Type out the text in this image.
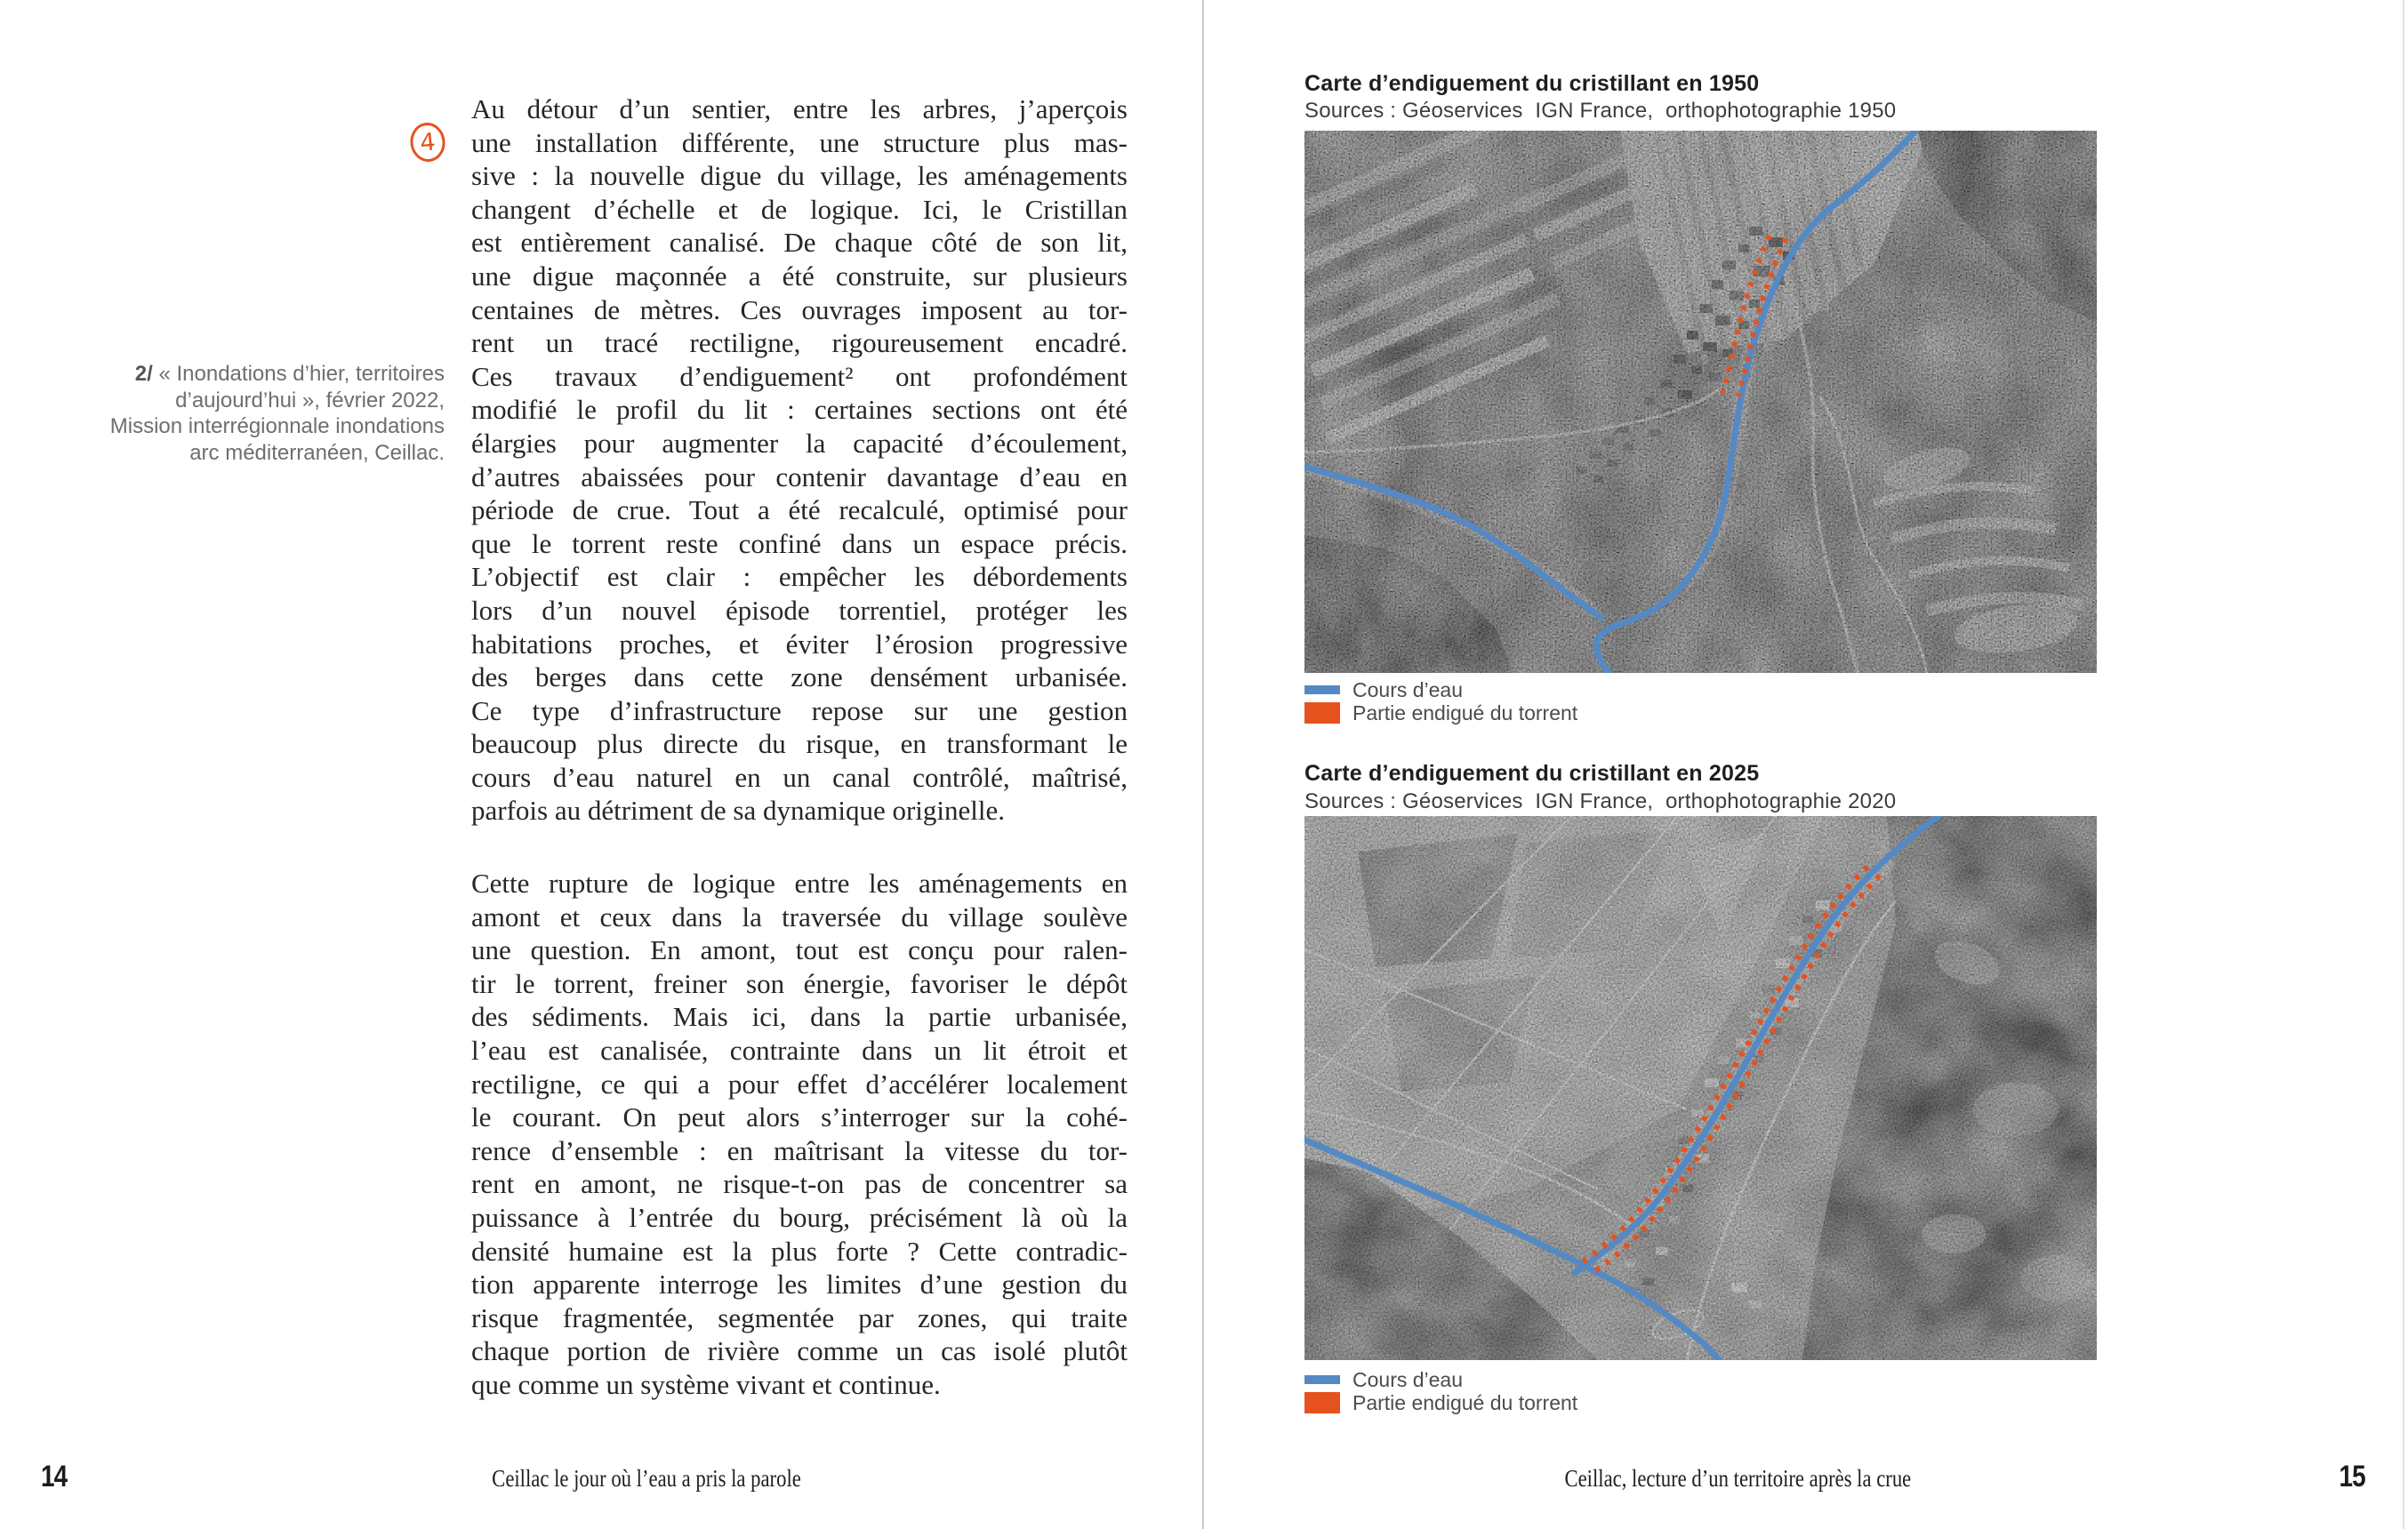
4
2/ « Inondations d’hier, territoires
d’aujourd’hui », février 2022,
Mission interrégionnale inondations
arc méditerranéen, Ceillac.
Au détour d’un sentier, entre les arbres, j’aperçois
une installation différente, une structure plus mas-
sive : la nouvelle digue du village, les aménagements
changent d’échelle et de logique. Ici, le Cristillan
est entièrement canalisé. De chaque côté de son lit,
une digue maçonnée a été construite, sur plusieurs
centaines de mètres. Ces ouvrages imposent au tor-
rent un tracé rectiligne, rigoureusement encadré.
Ces travaux d’endiguement² ont profondément
modifié le profil du lit : certaines sections ont été
élargies pour augmenter la capacité d’écoulement,
d’autres abaissées pour contenir davantage d’eau en
période de crue. Tout a été recalculé, optimisé pour
que le torrent reste confiné dans un espace précis.
L’objectif est clair : empêcher les débordements
lors d’un nouvel épisode torrentiel, protéger les
habitations proches, et éviter l’érosion progressive
des berges dans cette zone densément urbanisée.
Ce type d’infrastructure repose sur une gestion
beaucoup plus directe du risque, en transformant le
cours d’eau naturel en un canal contrôlé, maîtrisé,
parfois au détriment de sa dynamique originelle.
Cette rupture de logique entre les aménagements en
amont et ceux dans la traversée du village soulève
une question. En amont, tout est conçu pour ralen-
tir le torrent, freiner son énergie, favoriser le dépôt
des sédiments. Mais ici, dans la partie urbanisée,
l’eau est canalisée, contrainte dans un lit étroit et
rectiligne, ce qui a pour effet d’accélérer localement
le courant. On peut alors s’interroger sur la cohé-
rence d’ensemble : en maîtrisant la vitesse du tor-
rent en amont, ne risque-t-on pas de concentrer sa
puissance à l’entrée du bourg, précisément là où la
densité humaine est la plus forte ? Cette contradic-
tion apparente interroge les limites d’une gestion du
risque fragmentée, segmentée par zones, qui traite
chaque portion de rivière comme un cas isolé plutôt
que comme un système vivant et continue.
14	Ceillac le jour où l’eau a pris la parole
Carte d’endiguement du cristillant en 1950
Sources : Géoservices  IGN France,  orthophotographie 1950
Cours d’eau
Partie endigué du torrent
Carte d’endiguement du cristillant en 2025
Sources : Géoservices  IGN France,  orthophotographie 2020
Cours d’eau
Partie endigué du torrent
Ceillac, lecture d’un territoire après la crue	15
